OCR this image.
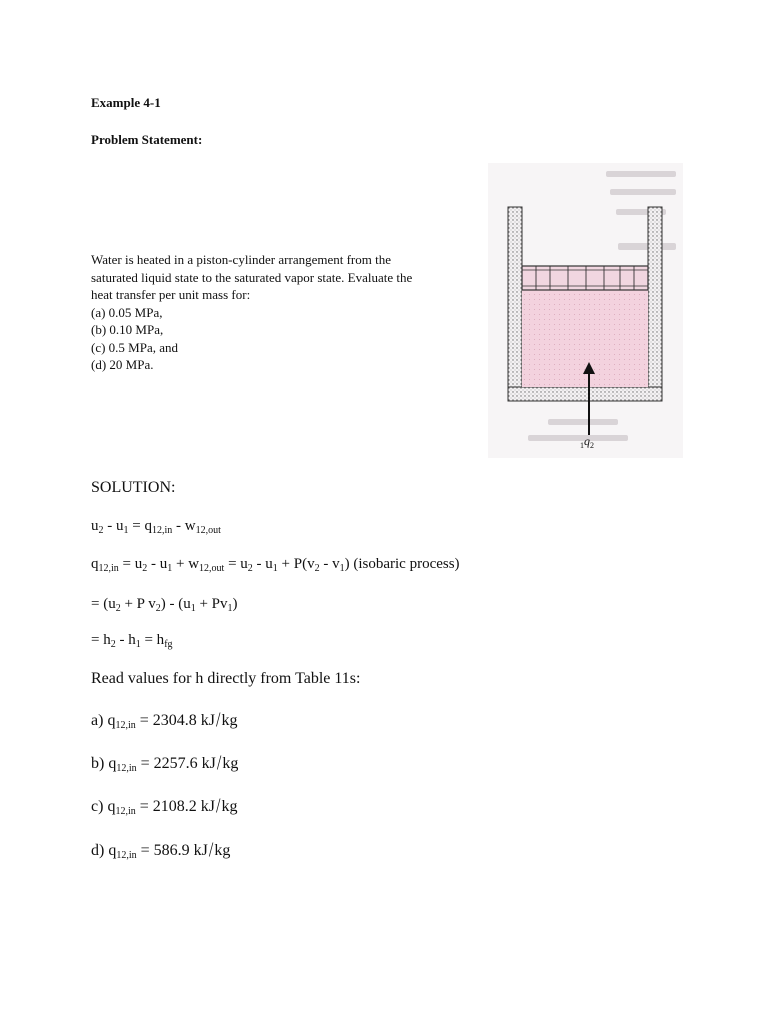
Example 4-1
Problem Statement:
Water is heated in a piston-cylinder arrangement from the
saturated liquid state to the saturated vapor state. Evaluate the
heat transfer per unit mass for:
(a) 0.05 MPa,
(b) 0.10 MPa,
(c) 0.5 MPa, and
(d) 20 MPa.
$_1q_2$
SOLUTION:
$u_2 - u_1 = q_{12,in} - w_{12,out}$
$q_{12,in} = u_2 - u_1 + w_{12,out} = u_2 - u_1 + P(v_2 - v_1)$ (isobaric process)
= ($u_2 + P$ $v_2) - (u_1 + Pv_1)$
= $h_2 - h_1 = h_{fg}$
Read values for h directly from Table 11s:
a) $q_{12,in} = 2304.8$ kJ/kg
b) $q_{12,in} = 2257.6$ kJ/kg
c) $q_{12,in} = 2108.2$ kJ/kg
d) $q_{12,in} = 586.9$ kJ/kg
